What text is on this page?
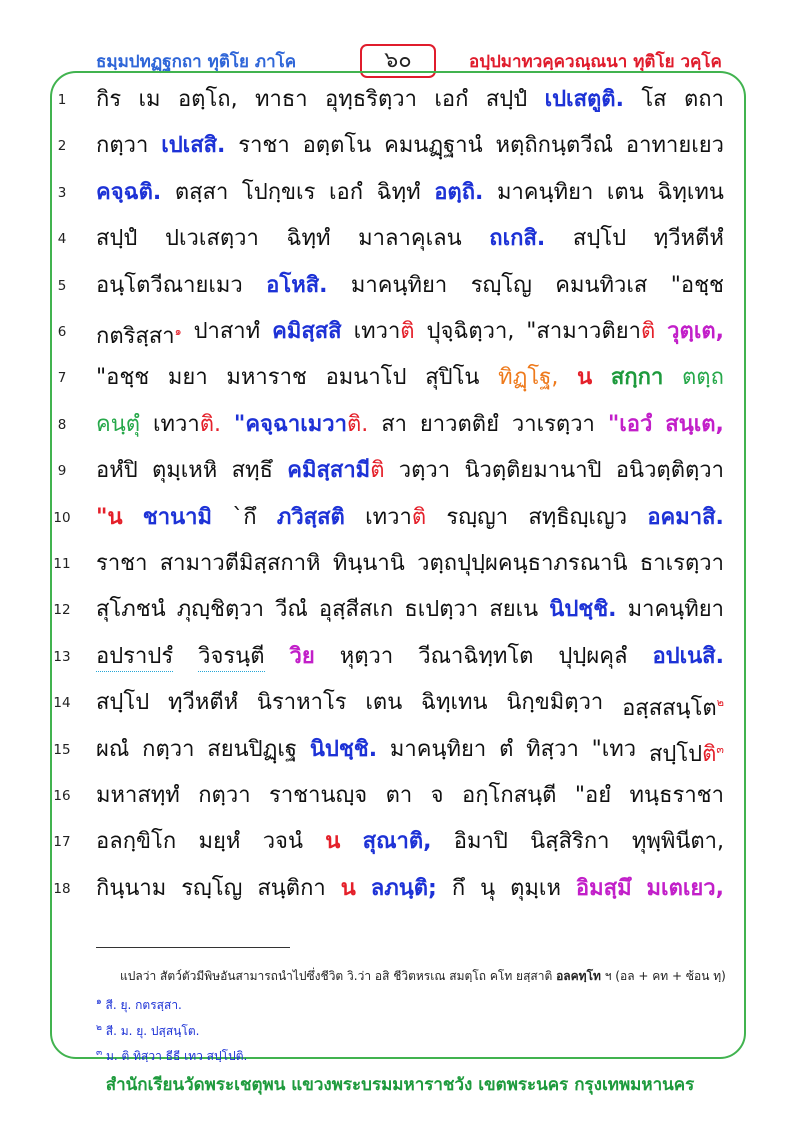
ธมฺมปทฏฺฐกถา ทุติโย ภาโค	๖๐	อปฺปมาทวคฺควณฺณนา ทุติโย วคฺโค
1	กิร เม อตฺโถ, ทาธา อุทฺธริตฺวา เอกํ สปฺปํ เปเสตูติ. โส ตถา
2	กตฺวา เปเสสิ. ราชา อตฺตโน คมนฏฺฐานํ หตฺถิกนฺตวีณํ อาทายเยว
3	คจฺฉติ. ตสฺสา โปกฺขเร เอกํ ฉิทฺทํ อตฺถิ. มาคนฺทิยา เตน ฉิทฺเทน
4	สปฺปํ ปเวเสตฺวา ฉิทฺทํ มาลาคุเลน ถเกสิ. สปฺโป ทฺวีหตีหํ
5	อนฺโตวีณายเมว อโหสิ. มาคนฺทิยา รญฺโญ คมนทิวเส "อชฺช
6	กตริสฺสา$^๑$ ปาสาทํ คมิสฺสสิ เทวาติ ปุจฺฉิตฺวา, "สามาวติยาติ วุตฺเต,
7	"อชฺช มยา มหาราช อมนาโป สุปิโน ทิฏฺโฐ, น สกฺกา ตตฺถ
8	คนฺตุํ เทวาติ. "คจฺฉาเมวาติ. สา ยาวตติยํ วาเรตฺวา "เอวํ สนฺเต,
9	อหํปิ ตุมฺเหหิ สทฺธึ คมิสฺสามีติ วตฺวา นิวตฺติยมานาปิ อนิวตฺติตฺวา
10	"น ชานามิ `กึ ภวิสฺสติ เทวาติ รญฺญา สทฺธิญฺเญว อคมาสิ.
11	ราชา สามาวตีมิสฺสกาหิ ทินฺนานิ วตฺถปุปฺผคนฺธาภรณานิ ธาเรตฺวา
12	สุโภชนํ ภุญฺชิตฺวา วีณํ อุสฺสีสเก ธเปตฺวา สยเน นิปชฺชิ. มาคนฺทิยา
13	อปราปรํ วิจรนฺตี วิย หุตฺวา วีณาฉิทฺทโต ปุปฺผคุลํ อปเนสิ.
14	สปฺโป ทฺวีหตีหํ นิราหาโร เตน ฉิทฺเทน นิกฺขมิตฺวา อสฺสสนฺโต$^๒$
15	ผณํ กตฺวา สยนปิฏฺเฐ นิปชฺชิ. มาคนฺทิยา ตํ ทิสฺวา "เทว สปฺโปติ$^๓$
16	มหาสทฺทํ กตฺวา ราชานญฺจ ตา จ อกฺโกสนฺตี "อยํ ทนฺธราชา
17	อลกฺขิโก มยฺหํ วจนํ น สุณาติ, อิมาปิ นิสฺสิริกา ทุพฺพินีตา,
18	กินฺนาม รญฺโญ สนฺติกา น ลภนฺติ; กึ นุ ตุมฺเห อิมสฺมึ มเตเยว,
แปลว่า สัตว์ตัวมีพิษอันสามารถนำไปซึ่งชีวิต วิ.ว่า อสิ ชีวิตหรเณ สมตฺโถ คโท ยสฺสาติ อลคทฺโท ฯ (อล + คท + ซ้อน ทฺ)
$^๑$ สี. ยุ. กตรสฺสา.
$^๒$ สี. ม. ยุ. ปสฺสนฺโต.
$^๓$ ม. ติ ทิสฺวา ธีธี เทว สปฺโปติ.
สำนักเรียนวัดพระเชตุพน แขวงพระบรมมหาราชวัง เขตพระนคร กรุงเทพมหานคร
